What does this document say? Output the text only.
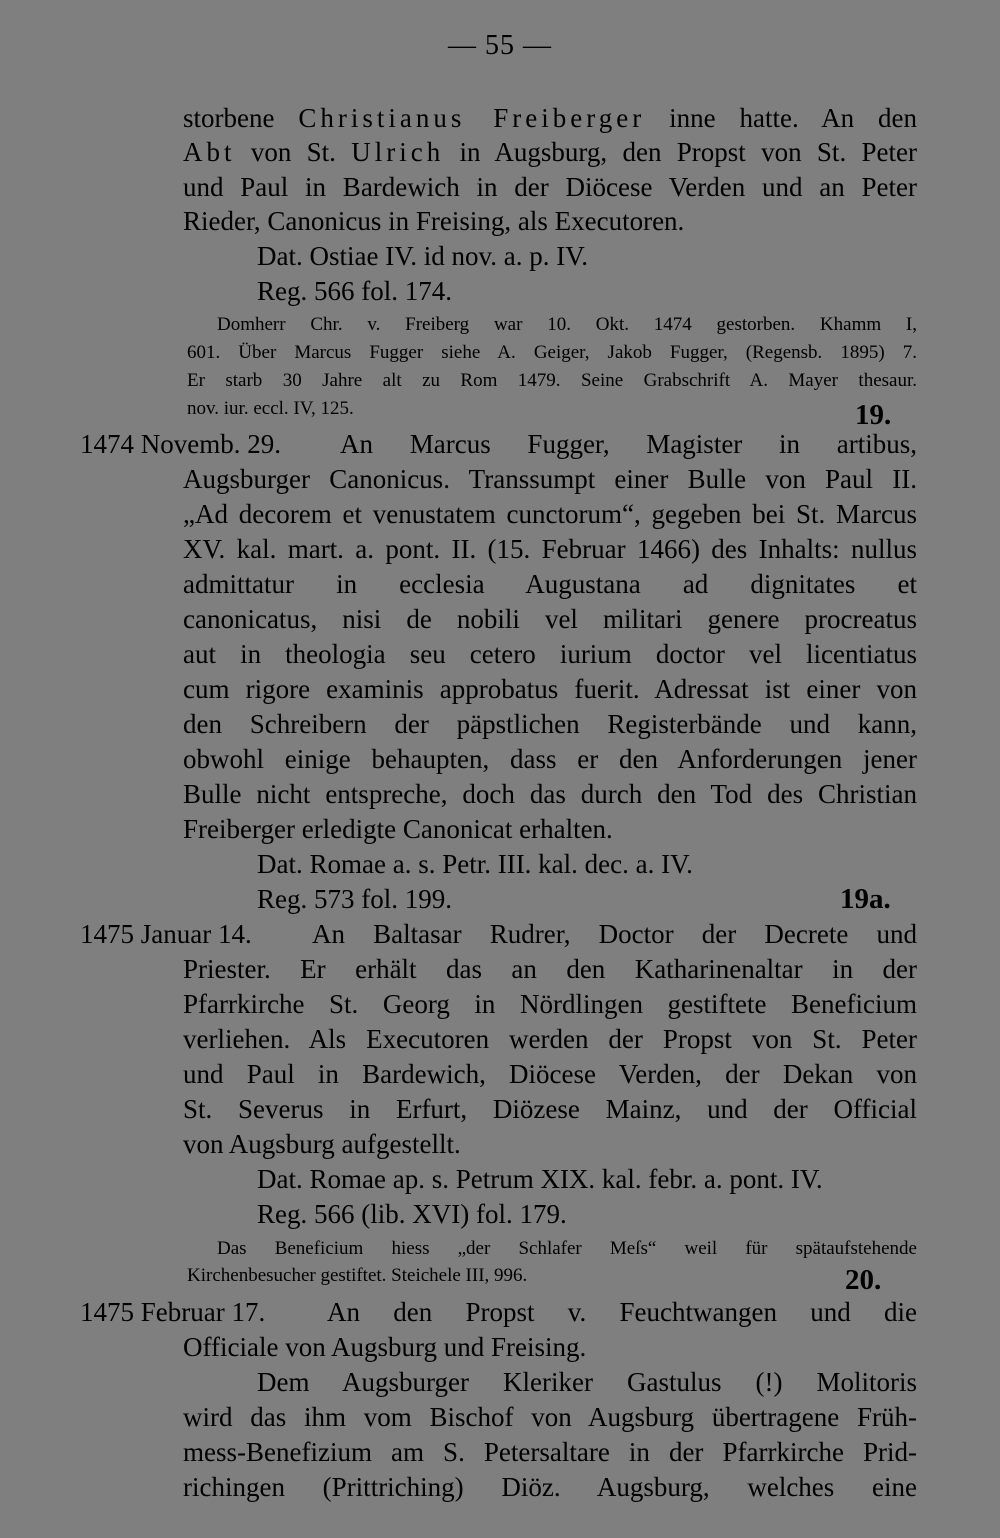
— 55 —
storbene Christianus Freiberger inne hatte. An den
Abt von St. Ulrich in Augsburg, den Propst von St. Peter
und Paul in Bardewich in der Diöcese Verden und an Peter
Rieder, Canonicus in Freising, als Executoren.
Dat. Ostiae IV. id nov. a. p. IV.
Reg. 566 fol. 174.
Domherr Chr. v. Freiberg war 10. Okt. 1474 gestorben. Khamm I,
601. Über Marcus Fugger siehe A. Geiger, Jakob Fugger, (Regensb. 1895) 7.
Er starb 30 Jahre alt zu Rom 1479. Seine Grabschrift A. Mayer thesaur.
nov. iur. eccl. IV, 125.	19.
1474 Novemb. 29. An Marcus Fugger, Magister in artibus,
Augsburger Canonicus. Transsumpt einer Bulle von Paul II.
„Ad decorem et venustatem cunctorum“, gegeben bei St. Marcus
XV. kal. mart. a. pont. II. (15. Februar 1466) des Inhalts: nullus
admittatur in ecclesia Augustana ad dignitates et
canonicatus, nisi de nobili vel militari genere procreatus
aut in theologia seu cetero iurium doctor vel licentiatus
cum rigore examinis approbatus fuerit. Adressat ist einer von
den Schreibern der päpstlichen Registerbände und kann,
obwohl einige behaupten, dass er den Anforderungen jener
Bulle nicht entspreche, doch das durch den Tod des Christian
Freiberger erledigte Canonicat erhalten.
Dat. Romae a. s. Petr. III. kal. dec. a. IV.
Reg. 573 fol. 199.	19a.
1475 Januar 14. An Baltasar Rudrer, Doctor der Decrete und
Priester. Er erhält das an den Katharinenaltar in der
Pfarrkirche St. Georg in Nördlingen gestiftete Beneficium
verliehen. Als Executoren werden der Propst von St. Peter
und Paul in Bardewich, Diöcese Verden, der Dekan von
St. Severus in Erfurt, Diözese Mainz, und der Official
von Augsburg aufgestellt.
Dat. Romae ap. s. Petrum XIX. kal. febr. a. pont. IV.
Reg. 566 (lib. XVI) fol. 179.
Das Beneficium hiess „der Schlafer Meſs“ weil für spätaufstehende
Kirchenbesucher gestiftet. Steichele III, 996.	20.
1475 Februar 17. An den Propst v. Feuchtwangen und die
Officiale von Augsburg und Freising.
Dem Augsburger Kleriker Gastulus (!) Molitoris
wird das ihm vom Bischof von Augsburg übertragene Früh-
mess-Benefizium am S. Petersaltare in der Pfarrkirche Prid-
richingen (Prittriching) Diöz. Augsburg, welches eine
